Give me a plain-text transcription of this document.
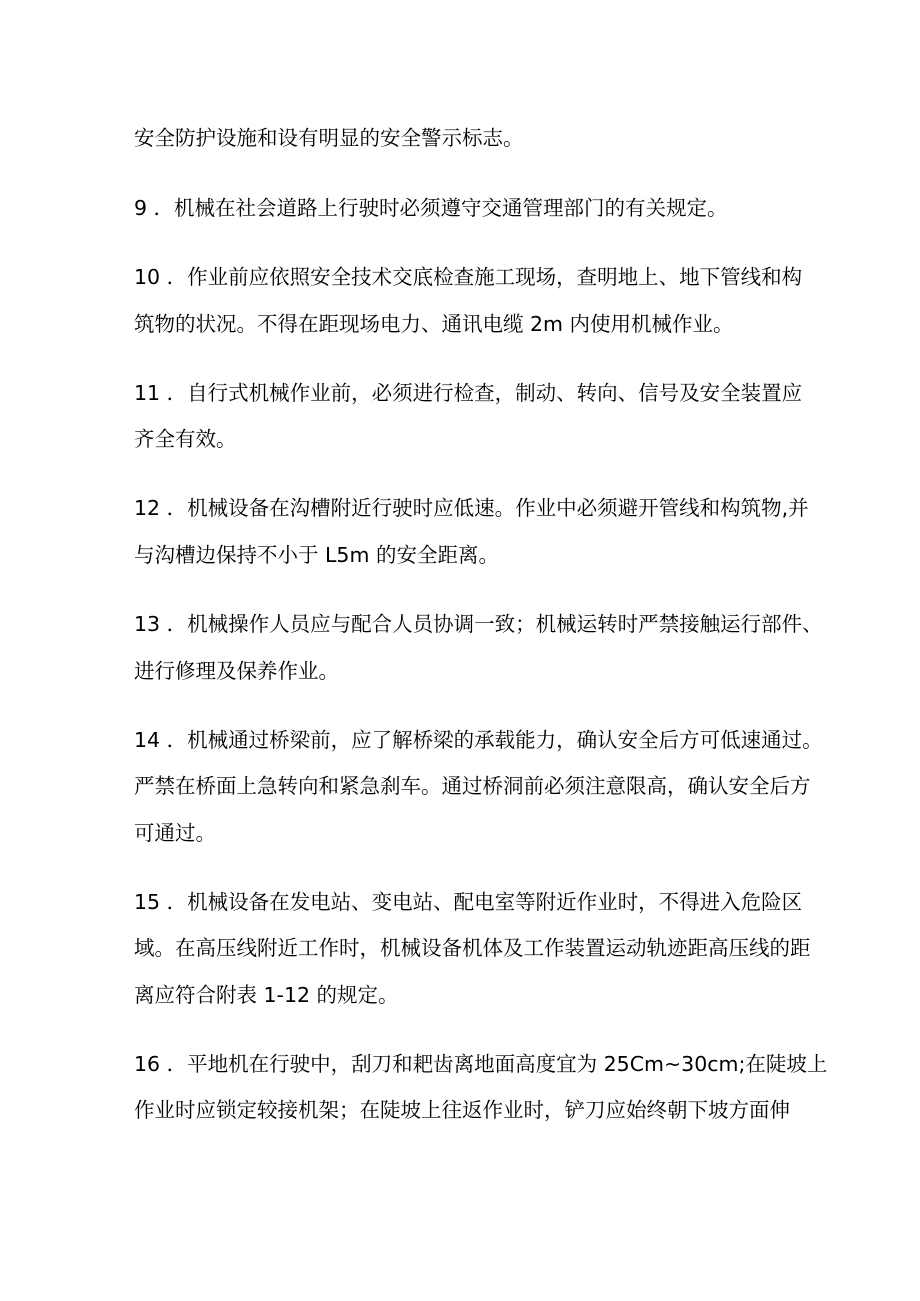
安全防护设施和设有明显的安全警示标志。
9 ．机械在社会道路上行驶时必须遵守交通管理部门的有关规定。
10 ．作业前应依照安全技术交底检查施工现场，查明地上、地下管线和构
筑物的状况。不得在距现场电力、通讯电缆 2m 内使用机械作业。
11 ．自行式机械作业前，必须进行检查，制动、转向、信号及安全装置应
齐全有效。
12 ．机械设备在沟槽附近行驶时应低速。作业中必须避开管线和构筑物,并
与沟槽边保持不小于 L5m 的安全距离。
13 ．机械操作人员应与配合人员协调一致；机械运转时严禁接触运行部件、
进行修理及保养作业。
14 ．机械通过桥梁前，应了解桥梁的承载能力，确认安全后方可低速通过。
严禁在桥面上急转向和紧急刹车。通过桥洞前必须注意限高，确认安全后方
可通过。
15 ．机械设备在发电站、变电站、配电室等附近作业时，不得进入危险区
域。在高压线附近工作时，机械设备机体及工作装置运动轨迹距高压线的距
离应符合附表 1-12 的规定。
16 ．平地机在行驶中，刮刀和耙齿离地面高度宜为 25Cm~30cm;在陡坡上
作业时应锁定较接机架；在陡坡上往返作业时，铲刀应始终朝下坡方面伸
